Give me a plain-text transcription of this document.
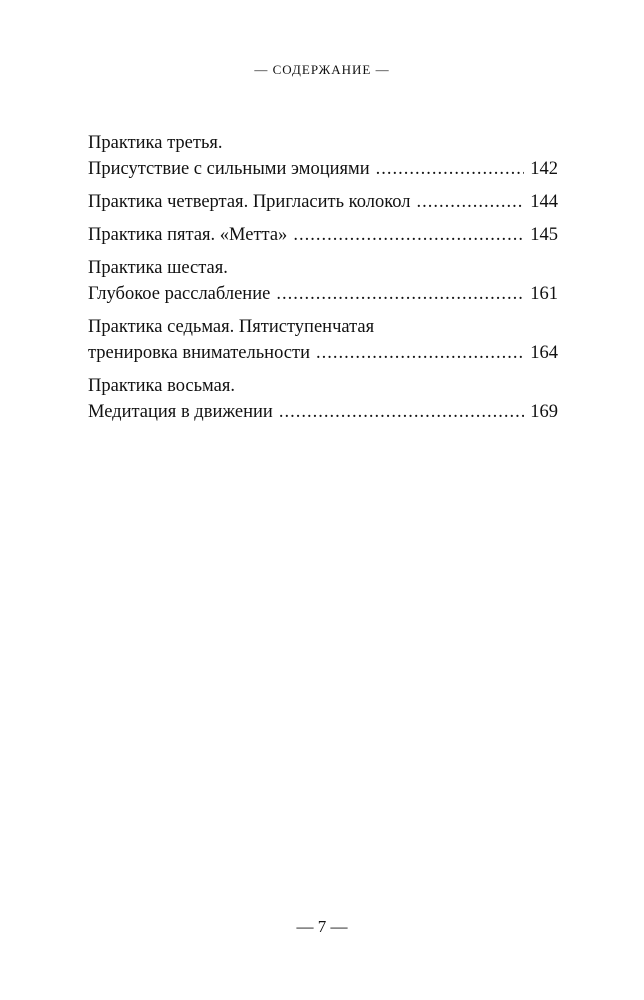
— СОДЕРЖАНИЕ —
Практика третья.
Присутствие с сильными эмоциями .....	142
Практика четвертая. Пригласить колокол .....	144
Практика пятая. «Метта» .....	145
Практика шестая.
Глубокое расслабление .....	161
Практика седьмая. Пятиступенчатая
тренировка внимательности .....	164
Практика восьмая.
Медитация в движении .....	169
— 7 —
